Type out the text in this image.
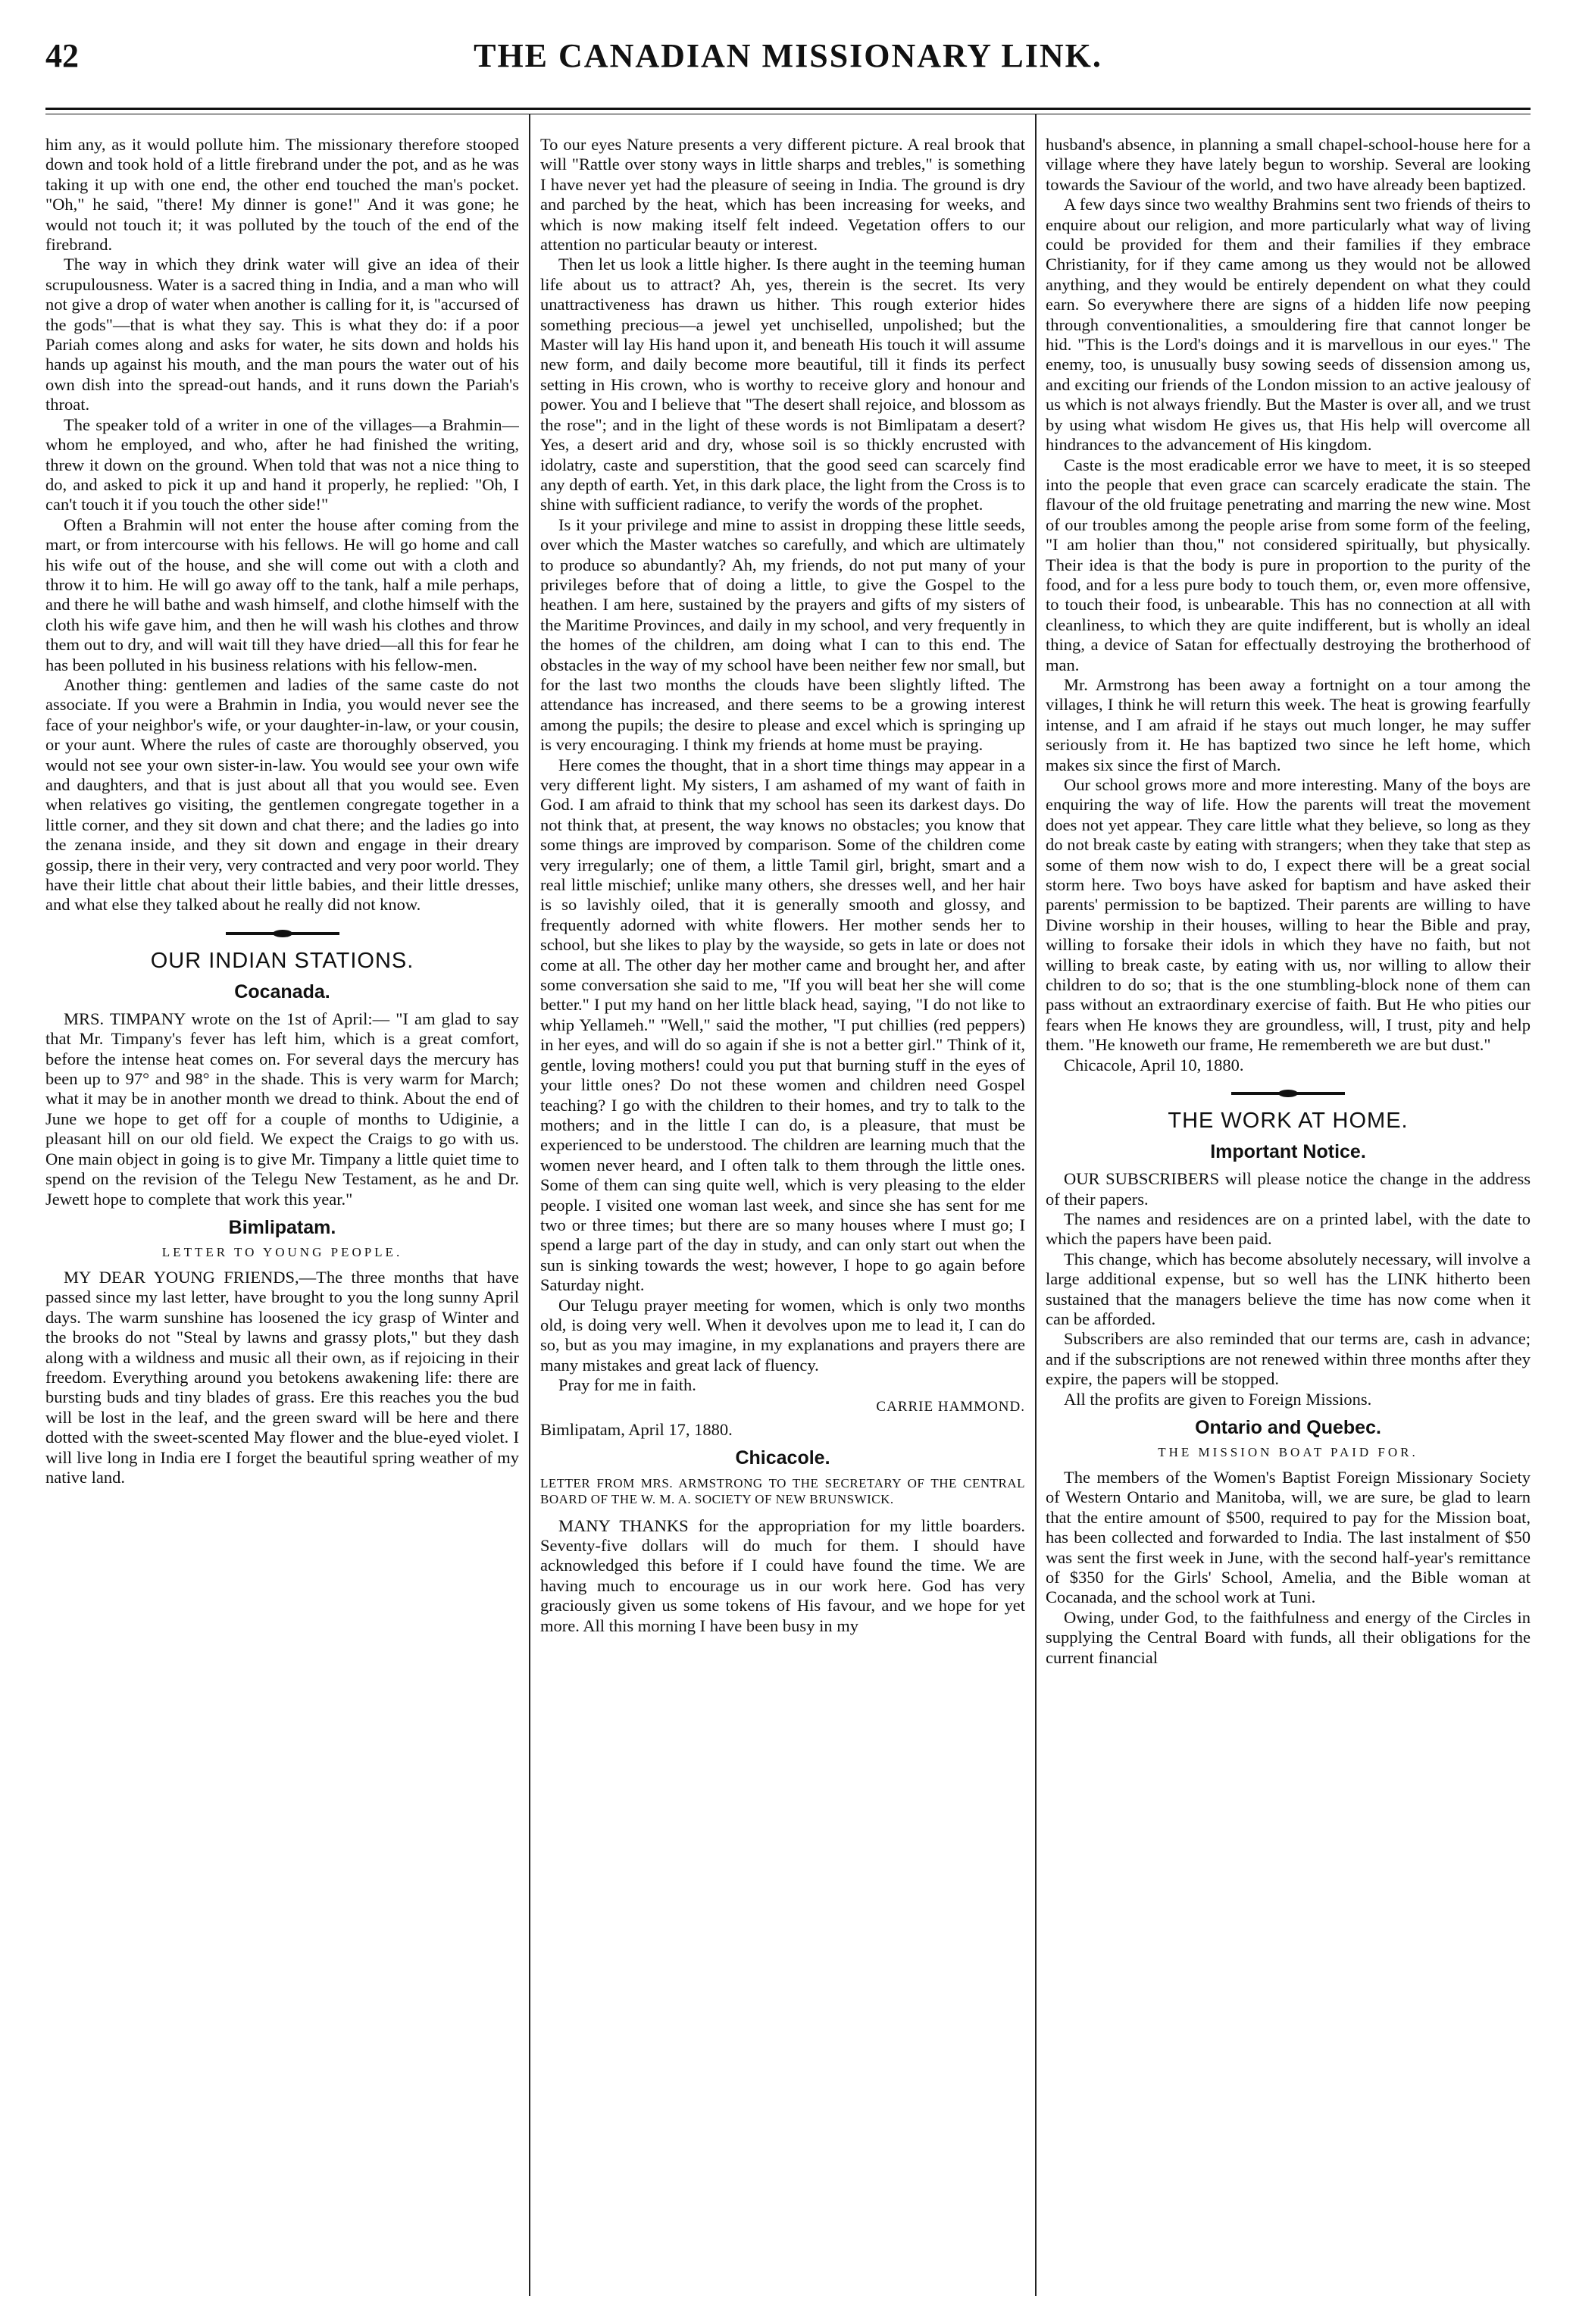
42	THE CANADIAN MISSIONARY LINK.

him any, as it would pollute him. The missionary therefore stooped down and took hold of a little firebrand under the pot, and as he was taking it up with one end, the other end touched the man's pocket. "Oh," he said, "there! My dinner is gone!" And it was gone; he would not touch it; it was polluted by the touch of the end of the firebrand.

The way in which they drink water will give an idea of their scrupulousness. Water is a sacred thing in India, and a man who will not give a drop of water when another is calling for it, is "accursed of the gods"—that is what they say. This is what they do: if a poor Pariah comes along and asks for water, he sits down and holds his hands up against his mouth, and the man pours the water out of his own dish into the spread-out hands, and it runs down the Pariah's throat.

The speaker told of a writer in one of the villages—a Brahmin—whom he employed, and who, after he had finished the writing, threw it down on the ground. When told that was not a nice thing to do, and asked to pick it up and hand it properly, he replied: "Oh, I can't touch it if you touch the other side!"

Often a Brahmin will not enter the house after coming from the mart, or from intercourse with his fellows. He will go home and call his wife out of the house, and she will come out with a cloth and throw it to him. He will go away off to the tank, half a mile perhaps, and there he will bathe and wash himself, and clothe himself with the cloth his wife gave him, and then he will wash his clothes and throw them out to dry, and will wait till they have dried—all this for fear he has been polluted in his business relations with his fellow-men.

Another thing: gentlemen and ladies of the same caste do not associate. If you were a Brahmin in India, you would never see the face of your neighbor's wife, or your daughter-in-law, or your cousin, or your aunt. Where the rules of caste are thoroughly observed, you would not see your own sister-in-law. You would see your own wife and daughters, and that is just about all that you would see. Even when relatives go visiting, the gentlemen congregate together in a little corner, and they sit down and chat there; and the ladies go into the zenana inside, and they sit down and engage in their dreary gossip, there in their very, very contracted and very poor world. They have their little chat about their little babies, and their little dresses, and what else they talked about he really did not know.

OUR INDIAN STATIONS.
Cocanada.

MRS. TIMPANY wrote on the 1st of April:— "I am glad to say that Mr. Timpany's fever has left him, which is a great comfort, before the intense heat comes on. For several days the mercury has been up to 97° and 98° in the shade. This is very warm for March; what it may be in another month we dread to think. About the end of June we hope to get off for a couple of months to Udiginie, a pleasant hill on our old field. We expect the Craigs to go with us. One main object in going is to give Mr. Timpany a little quiet time to spend on the revision of the Telegu New Testament, as he and Dr. Jewett hope to complete that work this year."

Bimlipatam.
LETTER TO YOUNG PEOPLE.

MY DEAR YOUNG FRIENDS,—The three months that have passed since my last letter, have brought to you the long sunny April days. The warm sunshine has loosened the icy grasp of Winter and the brooks do not "Steal by lawns and grassy plots," but they dash along with a wildness and music all their own, as if rejoicing in their freedom. Everything around you betokens awakening life: there are bursting buds and tiny blades of grass. Ere this reaches you the bud will be lost in the leaf, and the green sward will be here and there dotted with the sweet-scented May flower and the blue-eyed violet. I will live long in India ere I forget the beautiful spring weather of my native land.

To our eyes Nature presents a very different picture. A real brook that will "Rattle over stony ways in little sharps and trebles," is something I have never yet had the pleasure of seeing in India. The ground is dry and parched by the heat, which has been increasing for weeks, and which is now making itself felt indeed. Vegetation offers to our attention no particular beauty or interest.

Then let us look a little higher. Is there aught in the teeming human life about us to attract? Ah, yes, therein is the secret. Its very unattractiveness has drawn us hither. This rough exterior hides something precious—a jewel yet unchiselled, unpolished; but the Master will lay His hand upon it, and beneath His touch it will assume new form, and daily become more beautiful, till it finds its perfect setting in His crown, who is worthy to receive glory and honour and power. You and I believe that "The desert shall rejoice, and blossom as the rose"; and in the light of these words is not Bimlipatam a desert? Yes, a desert arid and dry, whose soil is so thickly encrusted with idolatry, caste and superstition, that the good seed can scarcely find any depth of earth. Yet, in this dark place, the light from the Cross is to shine with sufficient radiance, to verify the words of the prophet.

Is it your privilege and mine to assist in dropping these little seeds, over which the Master watches so carefully, and which are ultimately to produce so abundantly? Ah, my friends, do not put many of your privileges before that of doing a little, to give the Gospel to the heathen. I am here, sustained by the prayers and gifts of my sisters of the Maritime Provinces, and daily in my school, and very frequently in the homes of the children, am doing what I can to this end. The obstacles in the way of my school have been neither few nor small, but for the last two months the clouds have been slightly lifted. The attendance has increased, and there seems to be a growing interest among the pupils; the desire to please and excel which is springing up is very encouraging. I think my friends at home must be praying.

Here comes the thought, that in a short time things may appear in a very different light. My sisters, I am ashamed of my want of faith in God. I am afraid to think that my school has seen its darkest days. Do not think that, at present, the way knows no obstacles; you know that some things are improved by comparison. Some of the children come very irregularly; one of them, a little Tamil girl, bright, smart and a real little mischief; unlike many others, she dresses well, and her hair is so lavishly oiled, that it is generally smooth and glossy, and frequently adorned with white flowers. Her mother sends her to school, but she likes to play by the wayside, so gets in late or does not come at all. The other day her mother came and brought her, and after some conversation she said to me, "If you will beat her she will come better." I put my hand on her little black head, saying, "I do not like to whip Yellameh." "Well," said the mother, "I put chillies (red peppers) in her eyes, and will do so again if she is not a better girl." Think of it, gentle, loving mothers! could you put that burning stuff in the eyes of your little ones? Do not these women and children need Gospel teaching? I go with the children to their homes, and try to talk to the mothers; and in the little I can do, is a pleasure, that must be experienced to be understood. The children are learning much that the women never heard, and I often talk to them through the little ones. Some of them can sing quite well, which is very pleasing to the elder people. I visited one woman last week, and since she has sent for me two or three times; but there are so many houses where I must go; I spend a large part of the day in study, and can only start out when the sun is sinking towards the west; however, I hope to go again before Saturday night.

Our Telugu prayer meeting for women, which is only two months old, is doing very well. When it devolves upon me to lead it, I can do so, but as you may imagine, in my explanations and prayers there are many mistakes and great lack of fluency.

Pray for me in faith.

CARRIE HAMMOND.
Bimlipatam, April 17, 1880.
Chicacole.
LETTER FROM MRS. ARMSTRONG TO THE SECRETARY OF THE CENTRAL BOARD OF THE W. M. A. SOCIETY OF NEW BRUNSWICK.

MANY THANKS for the appropriation for my little boarders. Seventy-five dollars will do much for them. I should have acknowledged this before if I could have found the time. We are having much to encourage us in our work here. God has very graciously given us some tokens of His favour, and we hope for yet more. All this morning I have been busy in my

husband's absence, in planning a small chapel-school-house here for a village where they have lately begun to worship. Several are looking towards the Saviour of the world, and two have already been baptized.

A few days since two wealthy Brahmins sent two friends of theirs to enquire about our religion, and more particularly what way of living could be provided for them and their families if they embrace Christianity, for if they came among us they would not be allowed anything, and they would be entirely dependent on what they could earn. So everywhere there are signs of a hidden life now peeping through conventionalities, a smouldering fire that cannot longer be hid. "This is the Lord's doings and it is marvellous in our eyes." The enemy, too, is unusually busy sowing seeds of dissension among us, and exciting our friends of the London mission to an active jealousy of us which is not always friendly. But the Master is over all, and we trust by using what wisdom He gives us, that His help will overcome all hindrances to the advancement of His kingdom.

Caste is the most eradicable error we have to meet, it is so steeped into the people that even grace can scarcely eradicate the stain. The flavour of the old fruitage penetrating and marring the new wine. Most of our troubles among the people arise from some form of the feeling, "I am holier than thou," not considered spiritually, but physically. Their idea is that the body is pure in proportion to the purity of the food, and for a less pure body to touch them, or, even more offensive, to touch their food, is unbearable. This has no connection at all with cleanliness, to which they are quite indifferent, but is wholly an ideal thing, a device of Satan for effectually destroying the brotherhood of man.

Mr. Armstrong has been away a fortnight on a tour among the villages, I think he will return this week. The heat is growing fearfully intense, and I am afraid if he stays out much longer, he may suffer seriously from it. He has baptized two since he left home, which makes six since the first of March.

Our school grows more and more interesting. Many of the boys are enquiring the way of life. How the parents will treat the movement does not yet appear. They care little what they believe, so long as they do not break caste by eating with strangers; when they take that step as some of them now wish to do, I expect there will be a great social storm here. Two boys have asked for baptism and have asked their parents' permission to be baptized. Their parents are willing to have Divine worship in their houses, willing to hear the Bible and pray, willing to forsake their idols in which they have no faith, but not willing to break caste, by eating with us, nor willing to allow their children to do so; that is the one stumbling-block none of them can pass without an extraordinary exercise of faith. But He who pities our fears when He knows they are groundless, will, I trust, pity and help them. "He knoweth our frame, He remembereth we are but dust."

Chicacole, April 10, 1880.

THE WORK AT HOME.
Important Notice.

OUR SUBSCRIBERS will please notice the change in the address of their papers.

The names and residences are on a printed label, with the date to which the papers have been paid.

This change, which has become absolutely necessary, will involve a large additional expense, but so well has the LINK hitherto been sustained that the managers believe the time has now come when it can be afforded.

Subscribers are also reminded that our terms are, cash in advance; and if the subscriptions are not renewed within three months after they expire, the papers will be stopped.

All the profits are given to Foreign Missions.

Ontario and Quebec.
THE MISSION BOAT PAID FOR.

The members of the Women's Baptist Foreign Missionary Society of Western Ontario and Manitoba, will, we are sure, be glad to learn that the entire amount of $500, required to pay for the Mission boat, has been collected and forwarded to India. The last instalment of $50 was sent the first week in June, with the second half-year's remittance of $350 for the Girls' School, Amelia, and the Bible woman at Cocanada, and the school work at Tuni.

Owing, under God, to the faithfulness and energy of the Circles in supplying the Central Board with funds, all their obligations for the current financial
